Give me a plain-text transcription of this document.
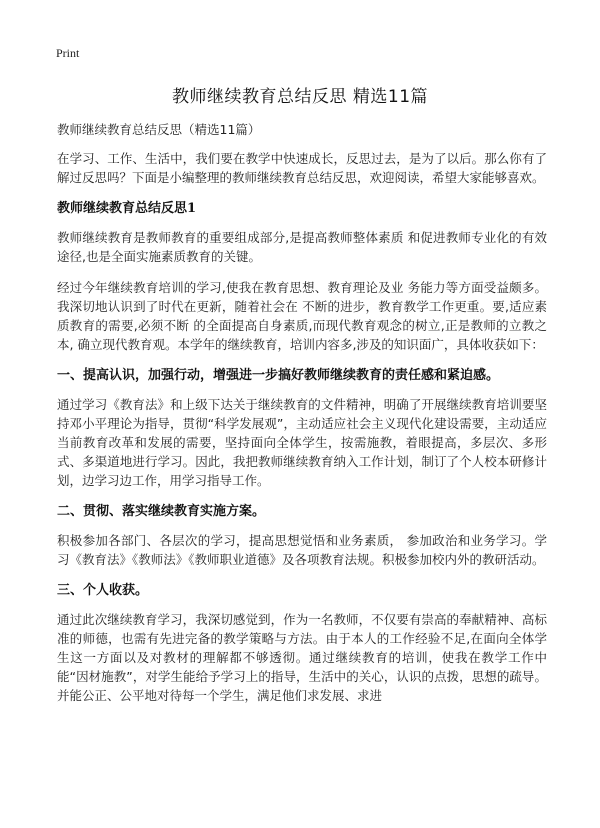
Print
教师继续教育总结反思 精选11篇

教师继续教育总结反思（精选11篇）

在学习、工作、生活中，我们要在教学中快速成长，反思过去，是为了以后。那么你有了解过反思吗？下面是小编整理的教师继续教育总结反思，欢迎阅读，希望大家能够喜欢。

教师继续教育总结反思1

教师继续教育是教师教育的重要组成部分,是提高教师整体素质 和促进教师专业化的有效途径,也是全面实施素质教育的关键。

经过今年继续教育培训的学习,使我在教育思想、教育理论及业 务能力等方面受益颇多。我深切地认识到了时代在更新，随着社会在 不断的进步，教育教学工作更重。要,适应素质教育的需要,必须不断 的全面提高自身素质,而现代教育观念的树立,正是教师的立教之本, 确立现代教育观。本学年的继续教育，培训内容多,涉及的知识面广，具体收获如下：

一、提高认识，加强行动，增强进一步搞好教师继续教育的责任感和紧迫感。

通过学习《教育法》和上级下达关于继续教育的文件精神，明确了开展继续教育培训要坚持邓小平理论为指导，贯彻“科学发展观”，主动适应社会主义现代化建设需要，主动适应当前教育改革和发展的需要，坚持面向全体学生，按需施教，着眼提高，多层次、多形式、多渠道地进行学习。因此，我把教师继续教育纳入工作计划，制订了个人校本研修计划，边学习边工作，用学习指导工作。

二、贯彻、落实继续教育实施方案。

积极参加各部门、各层次的学习，提高思想觉悟和业务素质， 参加政治和业务学习。学习《教育法》《教师法》《教师职业道德》及各项教育法规。积极参加校内外的教研活动。

三、个人收获。

通过此次继续教育学习，我深切感觉到，作为一名教师，不仅要有崇高的奉献精神、高标准的师德，也需有先进完备的教学策略与方法。由于本人的工作经验不足,在面向全体学生这一方面以及对教材的理解都不够透彻。通过继续教育的培训，使我在教学工作中能“因材施教”，对学生能给予学习上的指导，生活中的关心，认识的点拨，思想的疏导。并能公正、公平地对待每一个学生，满足他们求发展、求进
